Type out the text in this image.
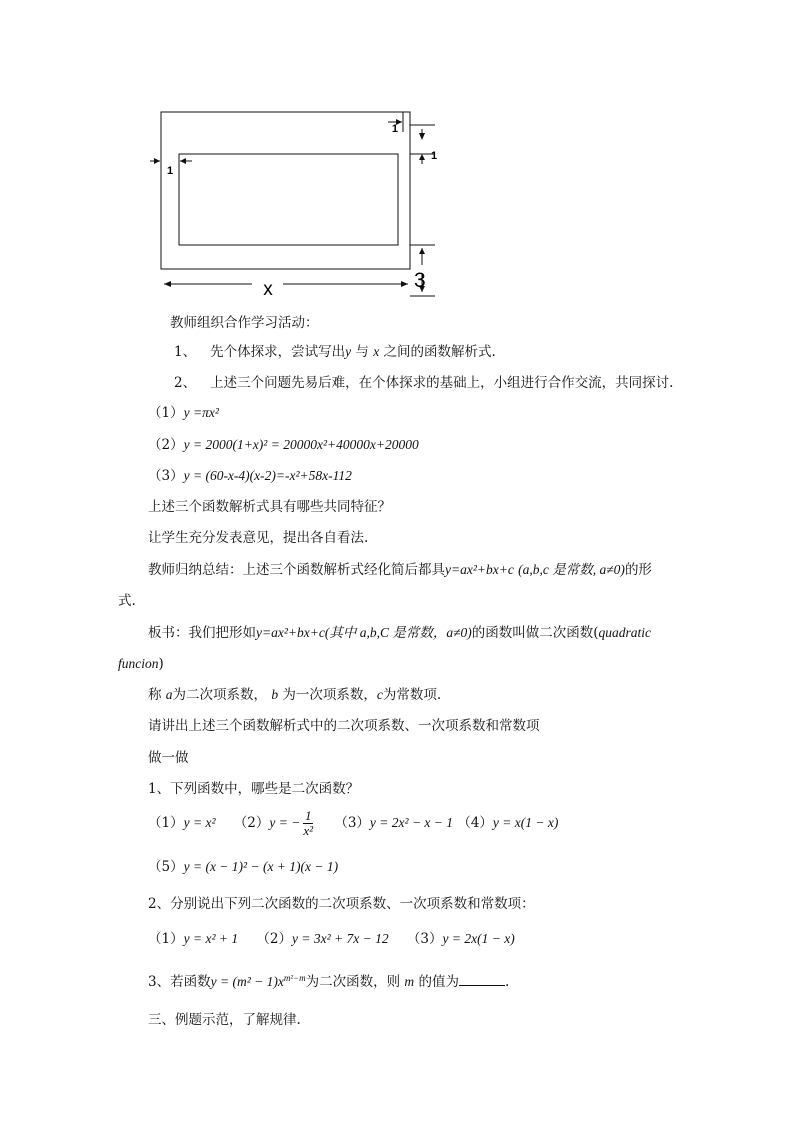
1
1
1
3
x
教师组织合作学习活动：
1、 先个体探求，尝试写出y 与 x 之间的函数解析式.
2、 上述三个问题先易后难，在个体探求的基础上，小组进行合作交流，共同探讨.
（1）y =πx²
（2）y = 2000(1+x)² = 20000x²+40000x+20000
（3）y = (60-x-4)(x-2)=-x²+58x-112
上述三个函数解析式具有哪些共同特征？
让学生充分发表意见，提出各自看法.
教师归纳总结：上述三个函数解析式经化简后都具y=ax²+bx+c (a,b,c 是常数, a≠0)的形
式.
板书：我们把形如y=ax²+bx+c(其中 a,b,C 是常数，a≠0)的函数叫做二次函数(quadratic
funcion)
称 a为二次项系数， b 为一次项系数，c为常数项.
请讲出上述三个函数解析式中的二次项系数、一次项系数和常数项
做一做
1、下列函数中，哪些是二次函数？
（1）y = x² （2）y = − $\frac{1}{\text{x²}} (3)y = 2x^2 - x - 1$ （4）y = x(1 − x)
（5）y = (x − 1)² − (x + 1)(x − 1)
2、分别说出下列二次函数的二次项系数、一次项系数和常数项：
（1）y = x² + 1 （2）y = 3x² + 7x − 12 （3）y = 2x(1 − x)
3、若函数$y = (m^2 - 1)x^{m^2-m}$为二次函数，则 m 的值为	.
三、例题示范，了解规律.
